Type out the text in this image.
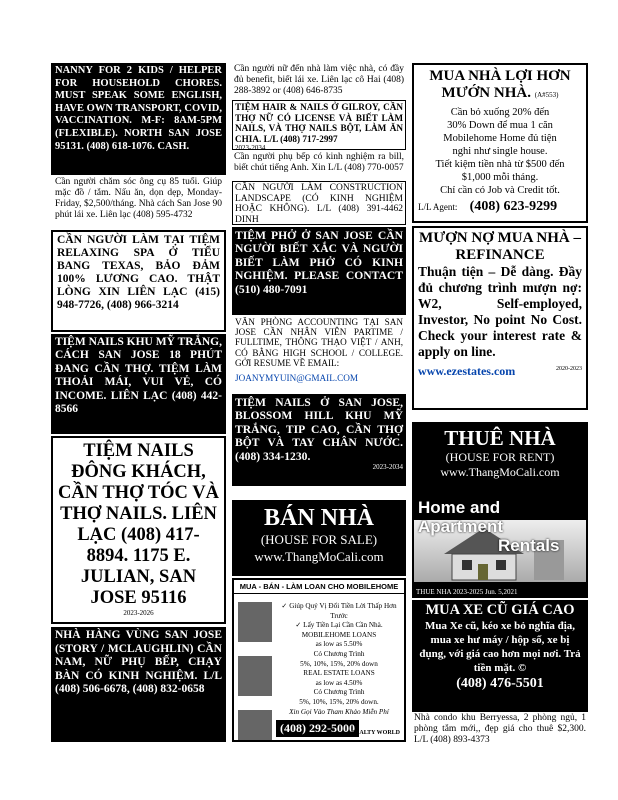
NANNY FOR 2 KIDS / HELPER FOR HOUSEHOLD CHORES. MUST SPEAK SOME ENGLISH, HAVE OWN TRANSPORT, COVID, VACCINATION. M-F: 8AM-5PM (FLEXIBLE). NORTH SAN JOSE 95131. (408) 618-1076. CASH.
Cần người chăm sóc ông cụ 85 tuổi. Giúp mặc đồ / tắm. Nấu ăn, dọn dẹp, Monday-Friday, $2,500/tháng. Nhà cách San Jose 90 phút lái xe. Liên lạc (408) 595-4732
CẦN NGƯỜI LÀM TẠI TIỆM RELAXING SPA Ở TIỂU BANG TEXAS, BẢO ĐẢM 100% LƯƠNG CAO. THẬT LÒNG XIN LIÊN LẠC (415) 948-7726, (408) 966-3214
TIỆM NAILS KHU MỸ TRẮNG, CÁCH SAN JOSE 18 PHÚT ĐANG CẦN THỢ. TIỆM LÀM THOẢI MÁI, VUI VẺ, CÓ INCOME. LIÊN LẠC (408) 442-8566
TIỆM NAILS ĐÔNG KHÁCH, CẦN THỢ TÓC VÀ THỢ NAILS. LIÊN LẠC (408) 417-8894. 1175 E. JULIAN, SAN JOSE 95116
2023-2026
NHÀ HÀNG VÙNG SAN JOSE (STORY / MCLAUGHLIN) CẦN NAM, NỮ PHỤ BẾP, CHẠY BÀN CÓ KINH NGHIỆM. L/L (408) 506-6678, (408) 832-0658
Cần người nữ đến nhà làm việc nhà, có đầy đủ benefit, biết lái xe. Liên lạc cô Hai (408) 288-3892 or (408) 646-8735
TIỆM HAIR & NAILS Ở GILROY, CẦN THỢ NỮ CÓ LICENSE VÀ BIẾT LÀM NAILS, VÀ THỢ NAILS BỘT, LÀM ĂN CHIA. L/L (408) 717-2997
2023-2034
Cần người phụ bếp có kinh nghiệm ra bill, biết chút tiếng Anh. Xin L/L (408) 770-0057
CẦN NGƯỜI LÀM CONSTRUCTION LANDSCAPE (CÓ KINH NGHIỆM HOẶC KHÔNG). L/L (408) 391-4462 DINH
TIỆM PHỞ Ở SAN JOSE CẦN NGƯỜI BIẾT XẮC VÀ NGƯỜI BIẾT LÀM PHỞ CÓ KINH NGHIỆM. PLEASE CONTACT (510) 480-7091
VĂN PHÒNG ACCOUNTING TẠI SAN JOSE CẦN NHÂN VIÊN PARTIME / FULLTIME, THÔNG THẠO VIỆT / ANH, CÓ BẰNG HIGH SCHOOL / COLLEGE. GỞI RESUME VỀ EMAIL:
JOANYMYUIN@GMAIL.COM
TIỆM NAILS Ở SAN JOSE, BLOSSOM HILL KHU MỸ TRẮNG, TIP CAO, CẦN THỢ BỘT VÀ TAY CHÂN NƯỚC. (408) 334-1230.
2023-2034
BÁN NHÀ
(HOUSE FOR SALE)
www.ThangMoCali.com
MUA - BÁN - LÀM LOAN CHO MOBILEHOME
✓ Giúp Quý Vị Đổi Tiền Lời Thấp Hơn Trước
✓ Lấy Tiền Lại Cần Cần Nhà.
MOBILEHOME LOANS
as low as 5.50%
Có Chương Trình
5%, 10%, 15%, 20% down
REAL ESTATE LOANS
as low as 4.50%
Có Chương Trình
5%, 10%, 15%, 20% down.
Xin Gọi Vào Tham Khảo Miễn Phí
(408) 292-5000
REALTY WORLD
MUA NHÀ LỢI HƠN MƯỚN NHÀ. (A#553)
Cần bỏ xuống 20% đến
30% Down để mua 1 căn
Mobilehome Home đủ tiện
nghi như single house.
Tiết kiệm tiền nhà từ $500 đến
$1,000 mỗi tháng.
Chỉ cần có Job và Credit tốt.
L/L Agent: (408) 623-9299
MƯỢN NỢ MUA NHÀ – REFINANCE
Thuận tiện – Dễ dàng. Đầy đủ chương trình mượn nợ: W2, Self-employed, Investor, No point No Cost. Check your interest rate & apply on line.
www.ezestates.com	2020-2023
THUÊ NHÀ
(HOUSE FOR RENT)
www.ThangMoCali.com
Home and Apartment
Rentals
THUE NHA 2023-2025 Jun. 5,2021
MUA XE CŨ GIÁ CAO
Mua Xe cũ, kéo xe bỏ nghĩa địa, mua xe hư máy / hộp số, xe bị đụng, với giá cao hơn mọi nơi. Trả tiền mặt. ©
(408) 476-5501
Nhà condo khu Berryessa, 2 phòng ngủ, 1 phòng tắm mới,, đẹp giá cho thuê $2,300. L/L (408) 893-4373
